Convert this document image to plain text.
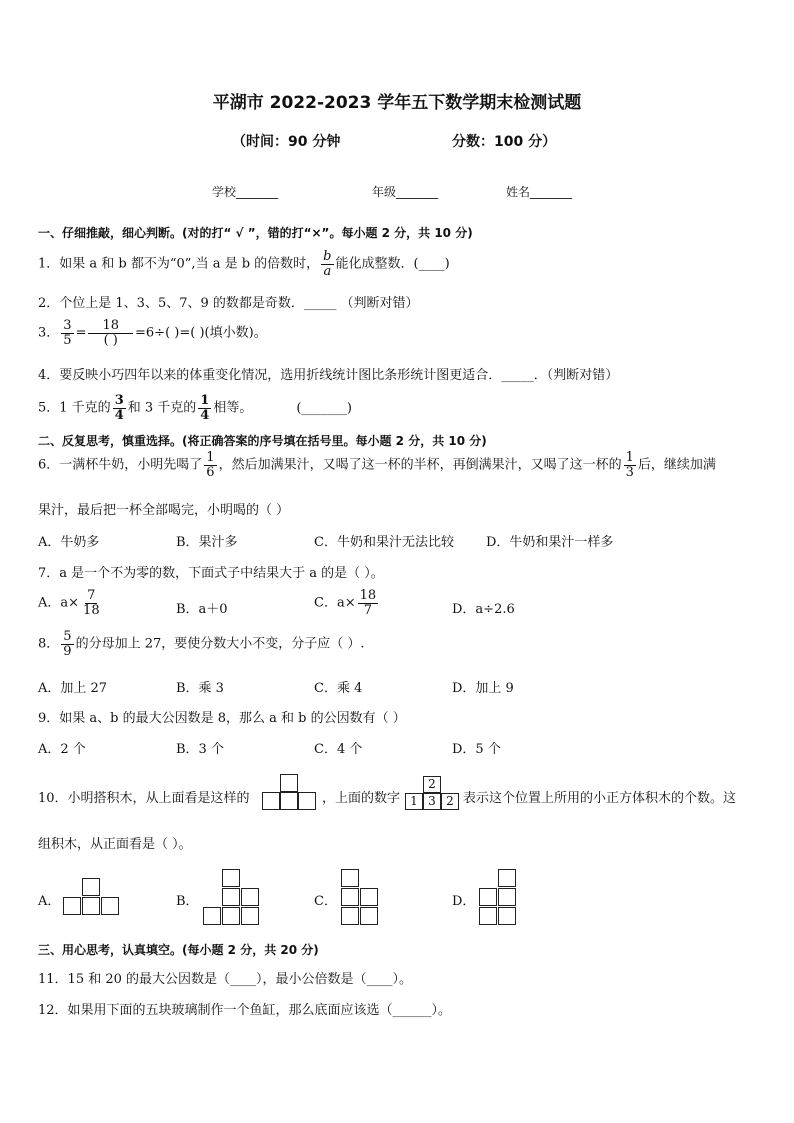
平湖市 2022-2023 学年五下数学期末检测试题
（时间：90 分钟	分数：100 分）
学校_______	年级_______	姓名_______
一、仔细推敲，细心判断。(对的打“ √ ”，错的打“×”。每小题 2 分，共 10 分)
1．如果 a 和 b 都不为“0”,当 a 是 b 的倍数时， $\frac{b}{a}$ 能化成整数．(____)
2．个位上是 1、3、5、7、9 的数都是奇数．_____ （判断对错）
3． $\frac{3}{5} = \frac{18}{( )} =6\div$( )=( )(填小数)。
4．要反映小巧四年以来的体重变化情况，选用折线统计图比条形统计图更适合．_____．（判断对错）
5．1 千克的 $\frac{3}{4}$ 和 3 千克的 $\frac{1}{4}$ 相等。	(_______)
二、反复思考，慎重选择。(将正确答案的序号填在括号里。每小题 2 分，共 10 分)
6．一满杯牛奶，小明先喝了 $\frac{1}{6}$ ，然后加满果汁，又喝了这一杯的半杯，再倒满果汁，又喝了这一杯的 $\frac{1}{3}$ 后，继续加满
果汁，最后把一杯全部喝完，小明喝的（ ）
A．牛奶多	B．果汁多	C．牛奶和果汁无法比较 D．牛奶和果汁一样多
7．a 是一个不为零的数，下面式子中结果大于 a 的是（ ）。
A．$a\times \frac{7}{18}$	B．a＋0	C．$a\times \frac{18}{7}$	D．a÷2.6
8． $\frac{5}{9}$ 的分母加上 27，要使分数大小不变，分子应（ ）.
A．加上 27	B．乘 3	C．乘 4	D．加上 9
9．如果 a、b 的最大公因数是 8，那么 a 和 b 的公因数有（ ）
A．2 个	B．3 个	C．4 个	D．5 个
10．小明搭积木，从上面看是这样的	，上面的数字
2
1 3 2 表示这个位置上所用的小正方体积木的个数。这
组积木，从正面看是（ ）。
A．	B．	C．	D．
三、用心思考，认真填空。(每小题 2 分，共 20 分)
11．15 和 20 的最大公因数是（____），最小公倍数是（____）。
12．如果用下面的五块玻璃制作一个鱼缸，那么底面应该选（______）。
